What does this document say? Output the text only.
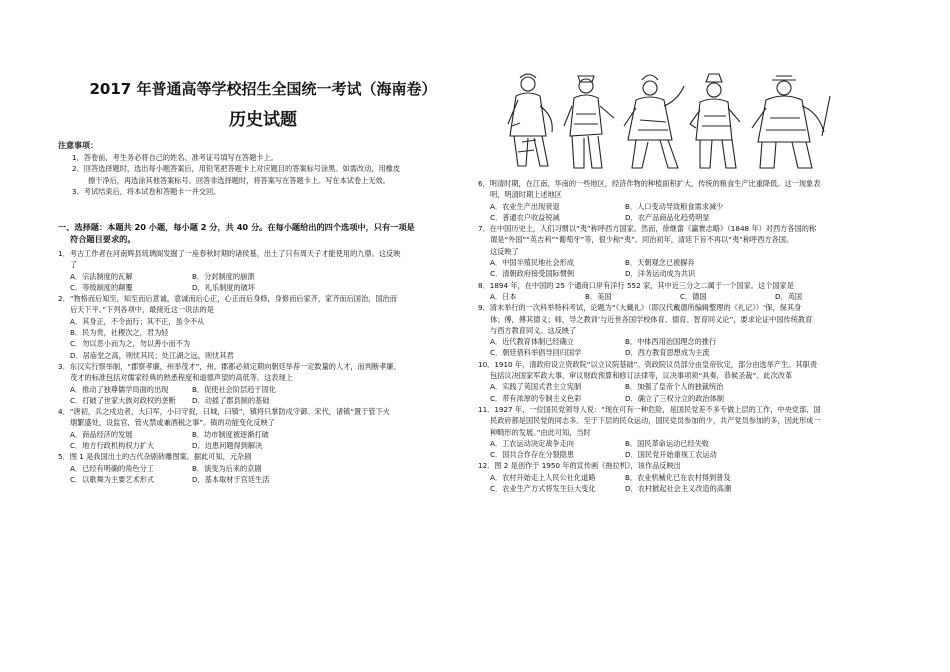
2017 年普通高等学校招生全国统一考试（海南卷）
历史试题
注意事项：
1．答卷前，考生务必将自己的姓名、准考证号填写在答题卡上。
2．回答选择题时，选出每小题答案后，用铅笔把答题卡上对应题目的答案标号涂黑。如需改动，用橡皮
擦干净后，再选涂其他答案标号。回答非选择题时，将答案写在答题卡上。写在本试卷上无效。
3．考试结束后，将本试卷和答题卡一并交回。
一、选择题：本题共 20 小题，每小题 2 分，共 40 分。在每小题给出的四个选项中，只有一项是
符合题目要求的。
1．考古工作者在河南辉县琉璃阁发掘了一座春秋时期的诸侯墓，出土了只有周天子才能使用的九鼎。这反映
了
A．宗法制度的瓦解	B．分封制度的崩溃
C．等级制度的颠覆	D．礼乐制度的破坏
2．“物格而后知至，知至而后意诚，意诚而后心正，心正而后身修，身修而后家齐，家齐而后国治，国治而
后天下平。”下列各项中，最接近这一说法的是
A．其身正，不令而行；其不正，虽令不从
B．民为贵，社稷次之，君为轻
C．勿以恶小而为之，勿以善小而不为
D．居庙堂之高，则忧其民；处江湖之远，则忧其君
3．东汉实行察举制，“郡察孝廉，州举茂才”，州、郡都必须定期向朝廷举荐一定数量的人才，而判断孝廉、
茂才的标准包括对儒家经典的熟悉程度和道德声望的高低等。这表现上
A．推动了独尊儒学局面的出现	B．促使社会阶层趋于固化
C．打破了世家大族对政权的垄断	D．动摇了郡县制的基础
4．“唐初，兵之戍边者，大曰军，小曰守捉，曰城，曰镇”，镇将只掌防戍守御。宋代，诸镇“置于管下火
烟繁盛处，设监官，管火禁或兼酒税之事”。镇的功能变化反映了
A．商品经济的发展	B．坊市制度被逐渐打破
C．地方行政机构权力扩大	D．边患问题得到解决
5．图 1 是我国出土的古代杂剧砖雕图案。据此可知，元杂剧
A．已经有明确的角色分工	B．演变为后来的京剧
C．以歌舞为主要艺术形式	D．基本取材于宫廷生活
6．明清时期，在江南、华南的一些地区，经济作物的种植面积扩大，传统的粮食生产比重降低。这一现象表
明，明清时期上述地区
A．农业生产出现衰退	B．人口变动导致粮食需求减少
C．普通农户收益锐减	D．农产品商品化趋势明显
7．在中国历史上，人们习惯以“夷”称呼西方国家。然而，徐继畲《瀛寰志略》（1848 年）对西方各国的称
谓是“外国”“英吉利”“葡萄牙”等，很少称“夷”。同治初年，清廷下旨不再以“夷”称呼西方各国。
这反映了
A．中国半殖民地社会形成	B．天朝观念已被摒弃
C．清朝政府接受国际惯例	D．洋务运动成为共识
8．1894 年，在中国的 25 个通商口岸有洋行 552 家，其中近三分之二属于一个国家。这个国家是
A．日本	B．美国	C．德国	D．英国
9．清末举行的一次科举特科考试，论题为“《大戴礼》（即汉代戴德所编辑整理的《礼记》）‘保，保其身
体；傅，傅其德义；师，导之教训’与近世各国学校体育、德育、智育同义论”，要求论证中国传统教育
与西方教育同义。这反映了
A．近代教育体制已经确立	B．中体西用治国理念的推行
C．朝廷借科举倡导回归国学	D．西方教育思想成为主流
10．1910 年，清政府设立资政院“以立议院基础”。资政院议员部分由皇帝钦定，部分由选举产生。其职责
包括议决国家军政大事、审议财政预算和修订法律等，议决事项须“具奏，恭候圣裁”。此次改革
A．实践了英国式君主立宪制	B．加强了皇帝个人的独裁统治
C．带有浓厚的专制主义色彩	D．确立了三权分立的政治体制
11．1927 年，一位国民党领导人说：“现在可有一种危险，是国民党差不多专做上层的工作，中央党部、国
民政府都是国民党的同志多。至于下层的民众运动，国民党员参加的少，共产党员参加的多，因此形成一
种畸形的发展。”由此可知，当时
A．工农运动决定战争走向	B．国民革命运动已经失败
C．国共合作存在分裂隐患	D．国民党开始重视工农运动
12．图 2 是创作于 1950 年的宣传画《拖拉机》，该作品反映出
A．农村开始走上人民公社化道路	B．农业机械化已在农村得到普及
C．农业生产方式将发生巨大变化	D．农村掀起社会主义改造的高潮
